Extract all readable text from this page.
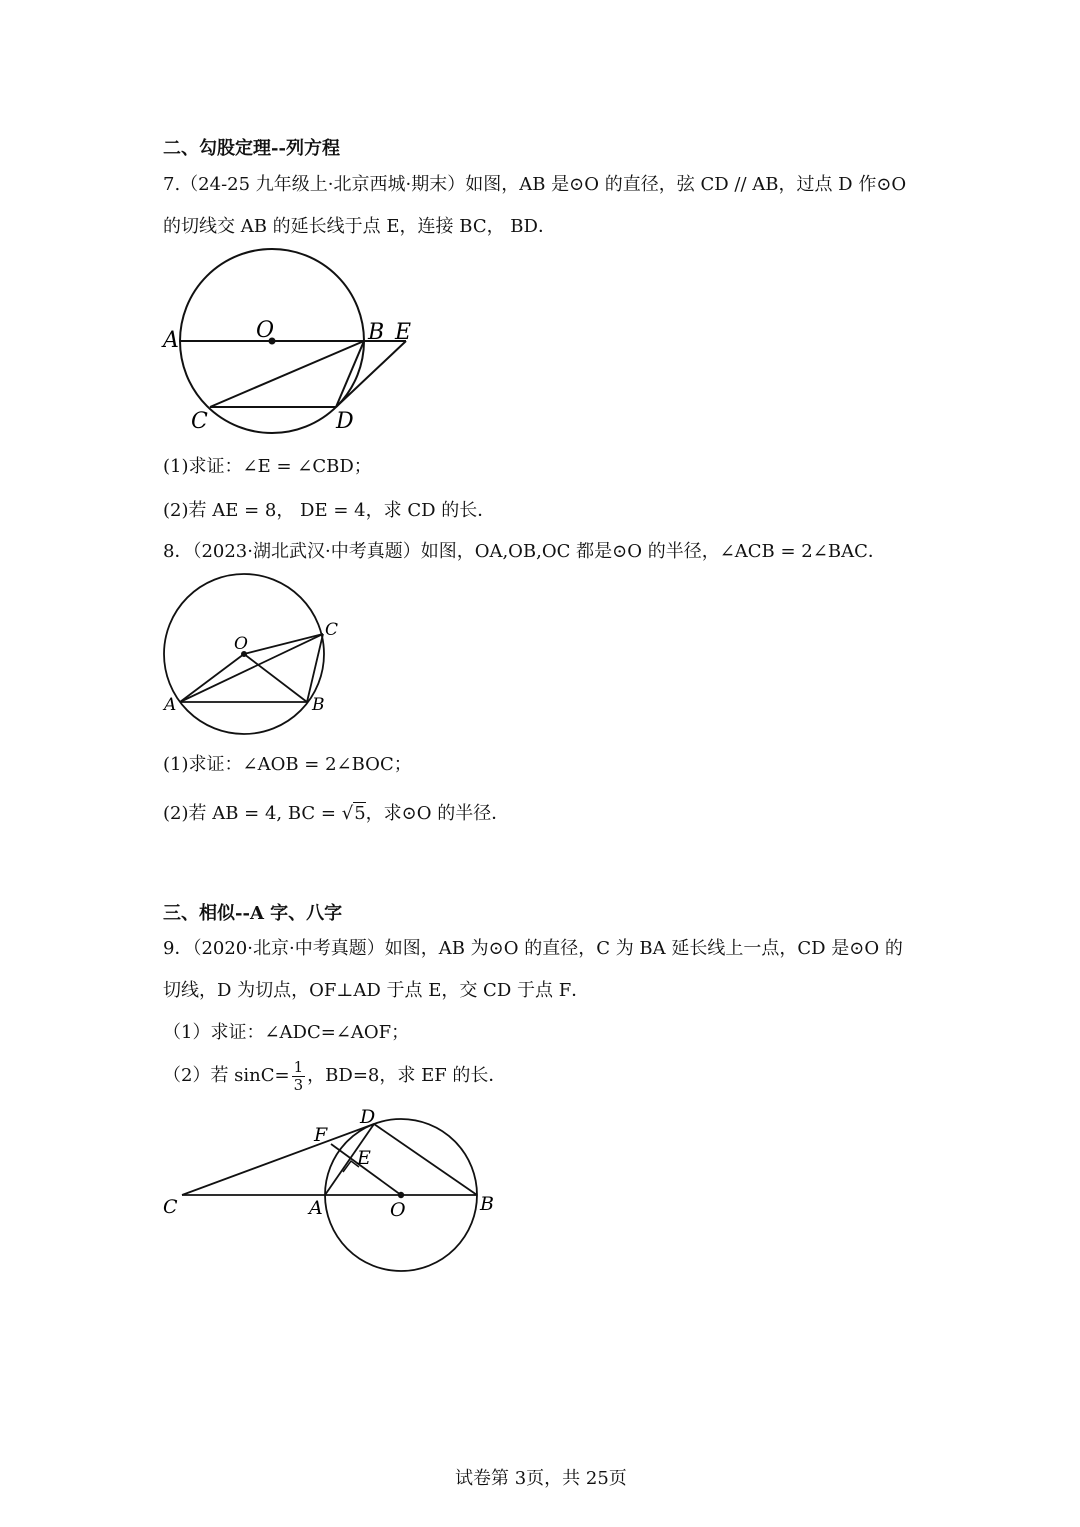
二、勾股定理--列方程
7.（24-25 九年级上·北京西城·期末）如图，AB 是⊙O 的直径，弦 CD // AB，过点 D 作⊙O
的切线交 AB 的延长线于点 E，连接 BC， BD．
A	O	B E
C	D
(1)求证：∠E = ∠CBD；
(2)若 AE = 8， DE = 4，求 CD 的长．
8．（2023·湖北武汉·中考真题）如图，OA,OB,OC 都是⊙O 的半径，∠ACB = 2∠BAC．
O
C
A	B
(1)求证：∠AOB = 2∠BOC；
(2)若 AB = 4, BC = √5，求⊙O 的半径．
三、相似--A 字、八字
9．（2020·北京·中考真题）如图，AB 为⊙O 的直径，C 为 BA 延长线上一点，CD 是⊙O 的
切线，D 为切点，OF⊥AD 于点 E，交 CD 于点 F．
（1）求证：∠ADC=∠AOF；
（2）若 $\sin C= \frac{1}{3}$ ，BD=8，求 EF 的长．
D
F
E
C	A	O	B
试卷第 3页，共 25页
